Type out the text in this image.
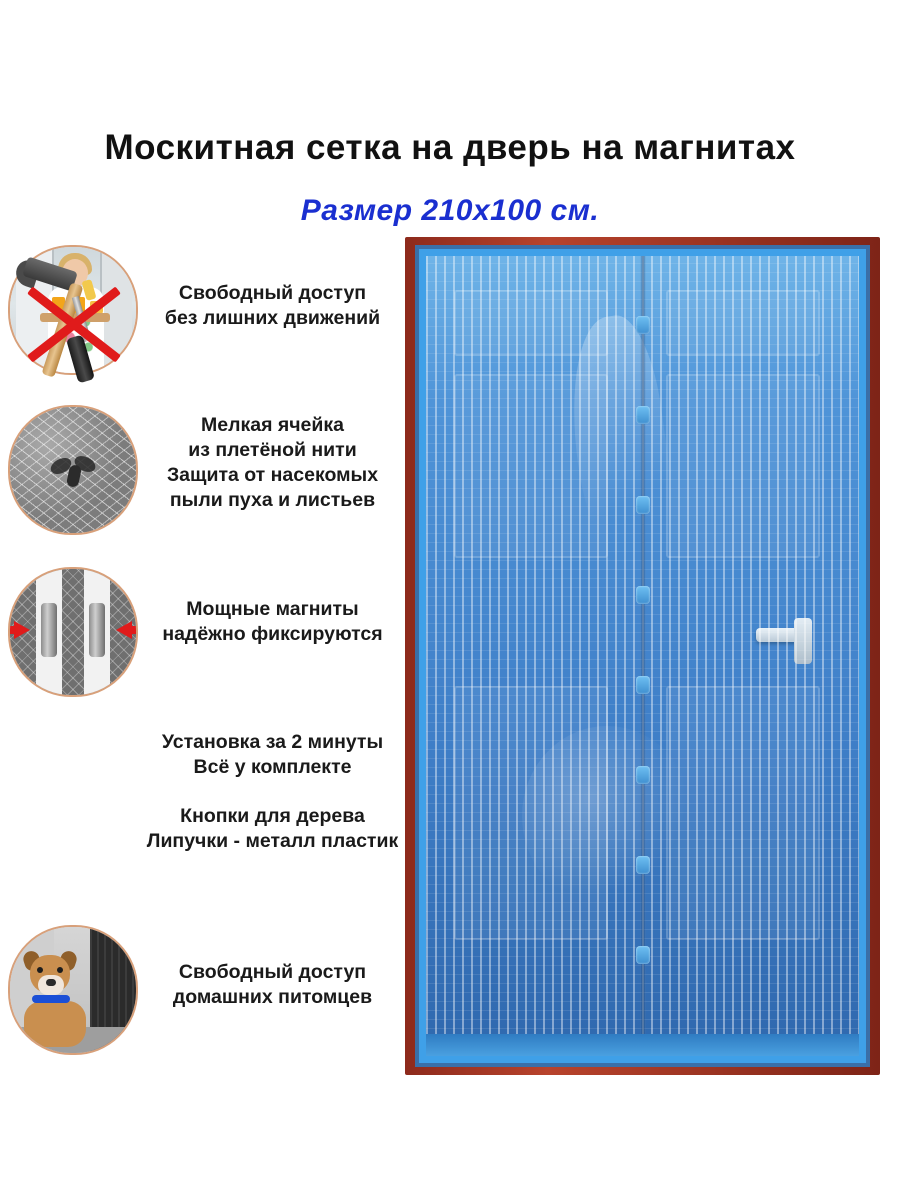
Москитная сетка на дверь на магнитах
Размер 210х100 см.
Свободный доступ
без лишних движений
Мелкая ячейка
из плетёной нити
Защита от насекомых
пыли пуха и листьев
Мощные магниты
надёжно фиксируются
Установка за 2 минуты
Всё у комплекте
Кнопки для дерева
Липучки - металл пластик
Свободный доступ
домашних питомцев
